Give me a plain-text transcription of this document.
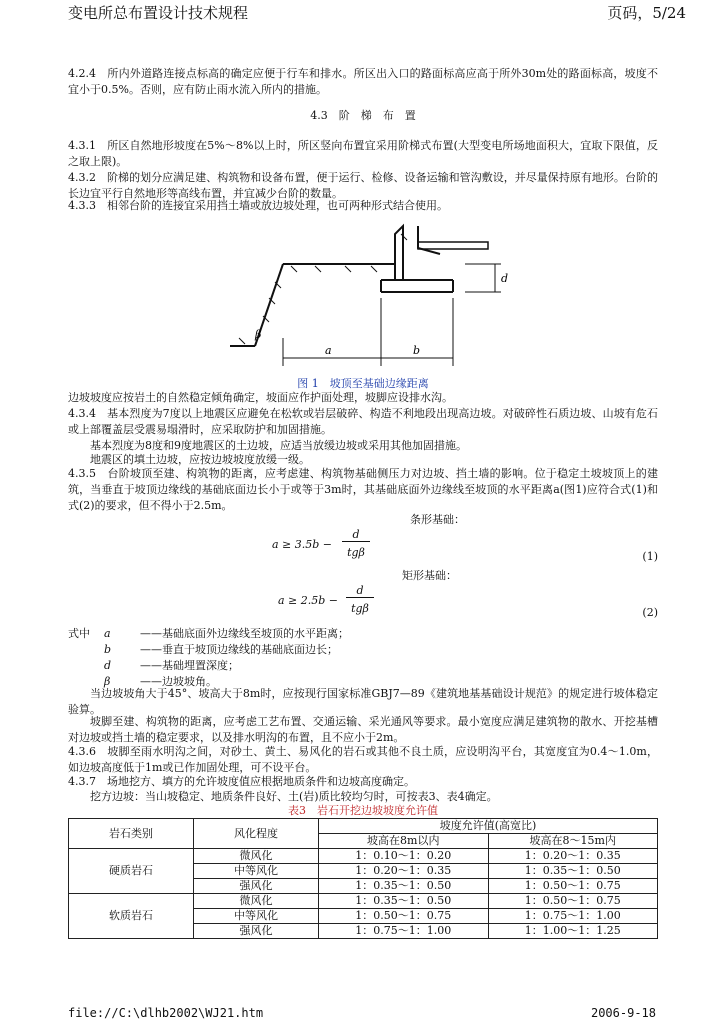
变电所总布置设计技术规程	页码，5/24
4.2.4　所内外道路连接点标高的确定应便于行车和排水。所区出入口的路面标高应高于所外30m处的路面标高，坡度不宜小于0.5%。否则，应有防止雨水流入所内的措施。
4.3　阶　梯　布　置
4.3.1　所区自然地形坡度在5%～8%以上时，所区竖向布置宜采用阶梯式布置(大型变电所场地面积大，宜取下限值，反之取上限)。
4.3.2　阶梯的划分应满足建、构筑物和设备布置，便于运行、检修、设备运输和管沟敷设，并尽量保持原有地形。台阶的长边宜平行自然地形等高线布置，并宜减少台阶的数量。
4.3.3　相邻台阶的连接宜采用挡土墙或放边坡处理，也可两种形式结合使用。
a	b
d
β
图 1　坡顶至基础边缘距离
边坡坡度应按岩土的自然稳定倾角确定，坡面应作护面处理，坡脚应设排水沟。
4.3.4　基本烈度为7度以上地震区应避免在松软或岩层破碎、构造不利地段出现高边坡。对破碎性石质边坡、山坡有危石或上部覆盖层受震易塌滑时，应采取防护和加固措施。
基本烈度为8度和9度地震区的土边坡，应适当放缓边坡或采用其他加固措施。
地震区的填土边坡，应按边坡坡度放缓一级。
4.3.5　台阶坡顶至建、构筑物的距离，应考虑建、构筑物基础侧压力对边坡、挡土墙的影响。位于稳定土坡坡顶上的建筑，当垂直于坡顶边缘线的基础底面边长小于或等于3m时，其基础底面外边缘线至坡顶的水平距离a(图1)应符合式(1)和式(2)的要求，但不得小于2.5m。
条形基础：
a ≥ 3.5b −
d
tgβ	(1)
矩形基础：
a ≥ 2.5b −
d
tgβ	(2)
式中	a	——基础底面外边缘线至坡顶的水平距离；
b	——垂直于坡顶边缘线的基础底面边长；
d	——基础埋置深度；
β	——边坡坡角。
当边坡坡角大于45°、坡高大于8m时，应按现行国家标准GBJ7—89《建筑地基基础设计规范》的规定进行坡体稳定验算。
坡脚至建、构筑物的距离，应考虑工艺布置、交通运输、采光通风等要求。最小宽度应满足建筑物的散水、开挖基槽对边坡或挡土墙的稳定要求，以及排水明沟的布置，且不应小于2m。
4.3.6　坡脚至雨水明沟之间，对砂土、黄土、易风化的岩石或其他不良土质，应设明沟平台，其宽度宜为0.4～1.0m，如边坡高度低于1m或已作加固处理，可不设平台。
4.3.7　场地挖方、填方的允许坡度值应根据地质条件和边坡高度确定。
挖方边坡：当山坡稳定、地质条件良好、土(岩)质比较均匀时，可按表3、表4确定。
表3　岩石开挖边坡坡度允许值
岩石类别	风化程度	坡度允许值(高宽比)	
		坡高在8m以内	坡高在8～15m内
硬质岩石	微风化	1：0.10～1：0.20	1：0.20～1：0.35
	中等风化	1：0.20～1：0.35	1：0.35～1：0.50
	强风化	1：0.35～1：0.50	1：0.50～1：0.75
软质岩石	微风化	1：0.35～1：0.50	1：0.50～1：0.75
	中等风化	1：0.50～1：0.75	1：0.75～1：1.00
	强风化	1：0.75～1：1.00	1：1.00～1：1.25
file://C:\dlhb2002\WJ21.htm	2006-9-18
